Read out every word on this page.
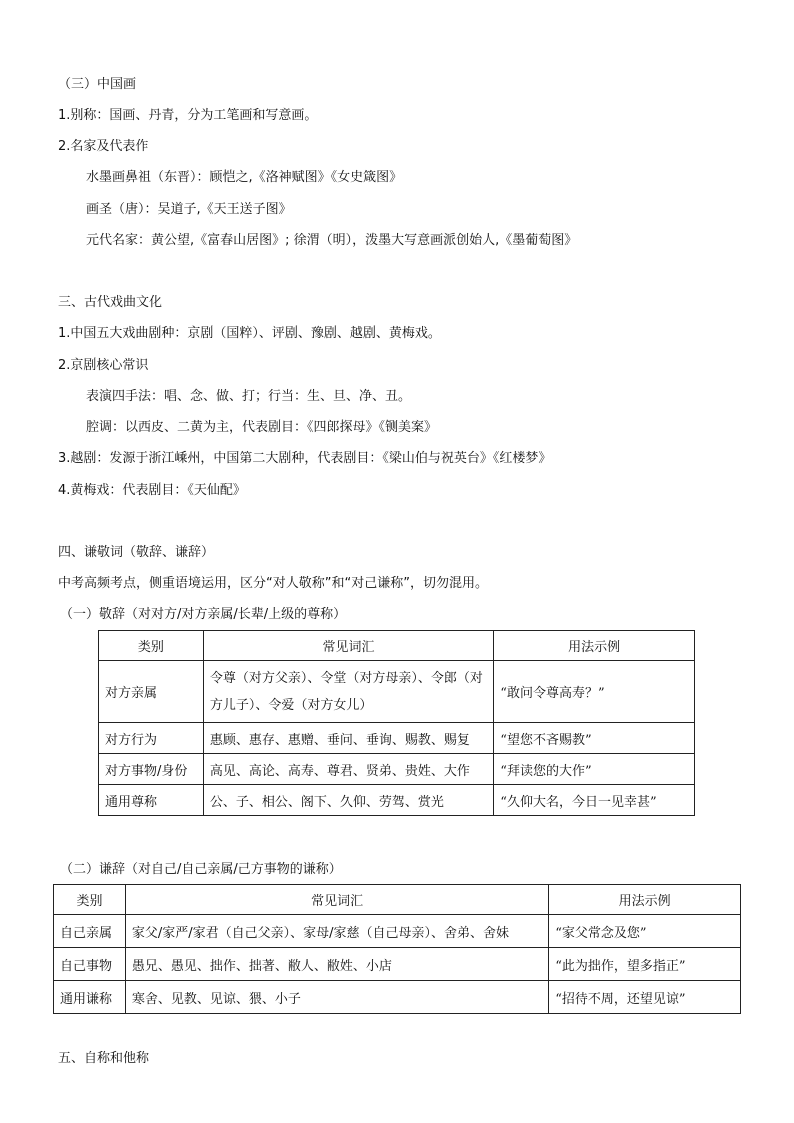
（三）中国画
1.别称：国画、丹青，分为工笔画和写意画。
2.名家及代表作
水墨画鼻祖（东晋）：顾恺之,《洛神赋图》《女史箴图》
画圣（唐）：吴道子,《天王送子图》
元代名家：黄公望,《富春山居图》; 徐渭（明），泼墨大写意画派创始人,《墨葡萄图》
三、古代戏曲文化
1.中国五大戏曲剧种：京剧（国粹）、评剧、豫剧、越剧、黄梅戏。
2.京剧核心常识
表演四手法：唱、念、做、打；行当：生、旦、净、丑。
腔调：以西皮、二黄为主，代表剧目：《四郎探母》《铡美案》
3.越剧：发源于浙江嵊州，中国第二大剧种，代表剧目：《梁山伯与祝英台》《红楼梦》
4.黄梅戏：代表剧目：《天仙配》
四、谦敬词（敬辞、谦辞）
中考高频考点，侧重语境运用，区分“对人敬称”和“对己谦称”，切勿混用。
（一）敬辞（对对方/对方亲属/长辈/上级的尊称）
类别	常见词汇	用法示例
对方亲属	令尊（对方父亲）、令堂（对方母亲）、令郎（对方儿子）、令爱（对方女儿）	“敢问令尊高寿？”
对方行为	惠顾、惠存、惠赠、垂问、垂询、赐教、赐复	“望您不吝赐教”
对方事物/身份	高见、高论、高寿、尊君、贤弟、贵姓、大作	“拜读您的大作”
通用尊称	公、子、相公、阁下、久仰、劳驾、赏光	“久仰大名，今日一见幸甚”
（二）谦辞（对自己/自己亲属/己方事物的谦称）
类别	常见词汇	用法示例
自己亲属	家父/家严/家君（自己父亲）、家母/家慈（自己母亲）、舍弟、舍妹	“家父常念及您”
自己事物	愚兄、愚见、拙作、拙著、敝人、敝姓、小店	“此为拙作，望多指正”
通用谦称	寒舍、见教、见谅、猥、小子	“招待不周，还望见谅”
五、自称和他称
